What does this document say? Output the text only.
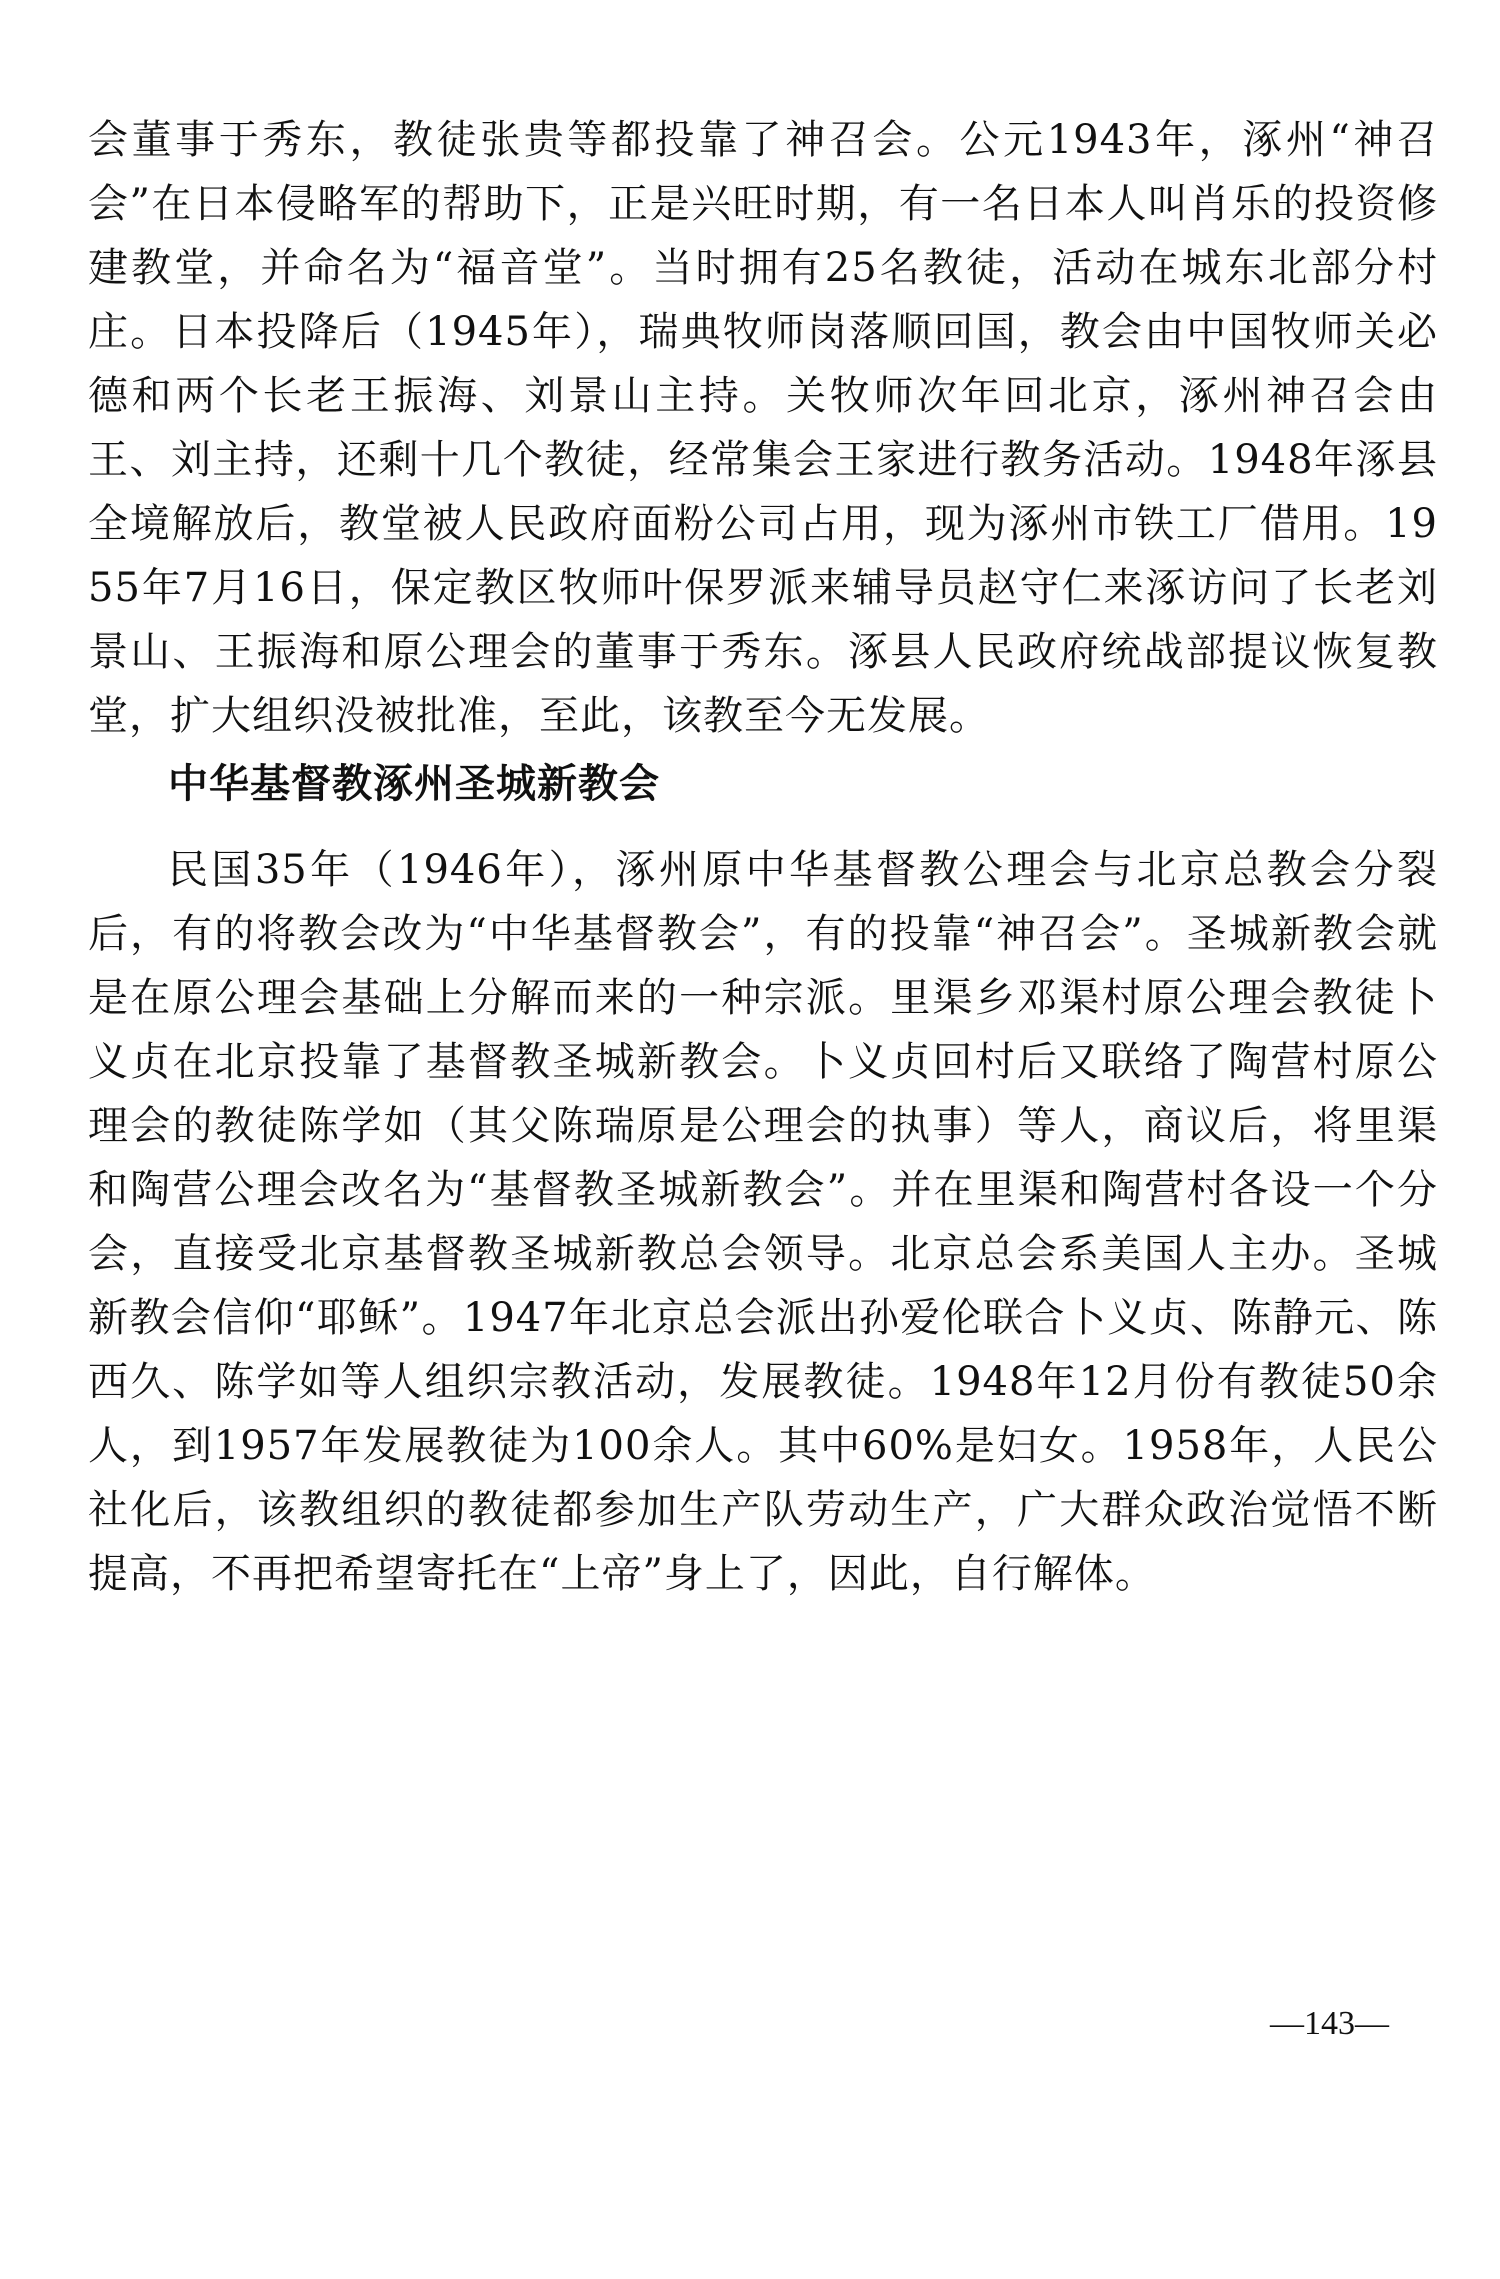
会董事于秀东，教徒张贵等都投靠了神召会。公元1943年，涿州“神召会”在日本侵略军的帮助下，正是兴旺时期，有一名日本人叫肖乐的投资修建教堂，并命名为“福音堂”。当时拥有25名教徒，活动在城东北部分村庄。日本投降后（1945年），瑞典牧师岗落顺回国，教会由中国牧师关必德和两个长老王振海、刘景山主持。关牧师次年回北京，涿州神召会由王、刘主持，还剩十几个教徒，经常集会王家进行教务活动。1948年涿县全境解放后，教堂被人民政府面粉公司占用，现为涿州市铁工厂借用。1955年7月16日，保定教区牧师叶保罗派来辅导员赵守仁来涿访问了长老刘景山、王振海和原公理会的董事于秀东。涿县人民政府统战部提议恢复教堂，扩大组织没被批准，至此，该教至今无发展。

中华基督教涿州圣城新教会

民国35年（1946年），涿州原中华基督教公理会与北京总教会分裂后，有的将教会改为“中华基督教会”，有的投靠“神召会”。圣城新教会就是在原公理会基础上分解而来的一种宗派。里渠乡邓渠村原公理会教徒卜义贞在北京投靠了基督教圣城新教会。卜义贞回村后又联络了陶营村原公理会的教徒陈学如（其父陈瑞原是公理会的执事）等人，商议后，将里渠和陶营公理会改名为“基督教圣城新教会”。并在里渠和陶营村各设一个分会，直接受北京基督教圣城新教总会领导。北京总会系美国人主办。圣城新教会信仰“耶稣”。1947年北京总会派出孙爱伦联合卜义贞、陈静元、陈西久、陈学如等人组织宗教活动，发展教徒。1948年12月份有教徒50余人，到1957年发展教徒为100余人。其中60%是妇女。1958年，人民公社化后，该教组织的教徒都参加生产队劳动生产，广大群众政治觉悟不断提高，不再把希望寄托在“上帝”身上了，因此，自行解体。

—143—
